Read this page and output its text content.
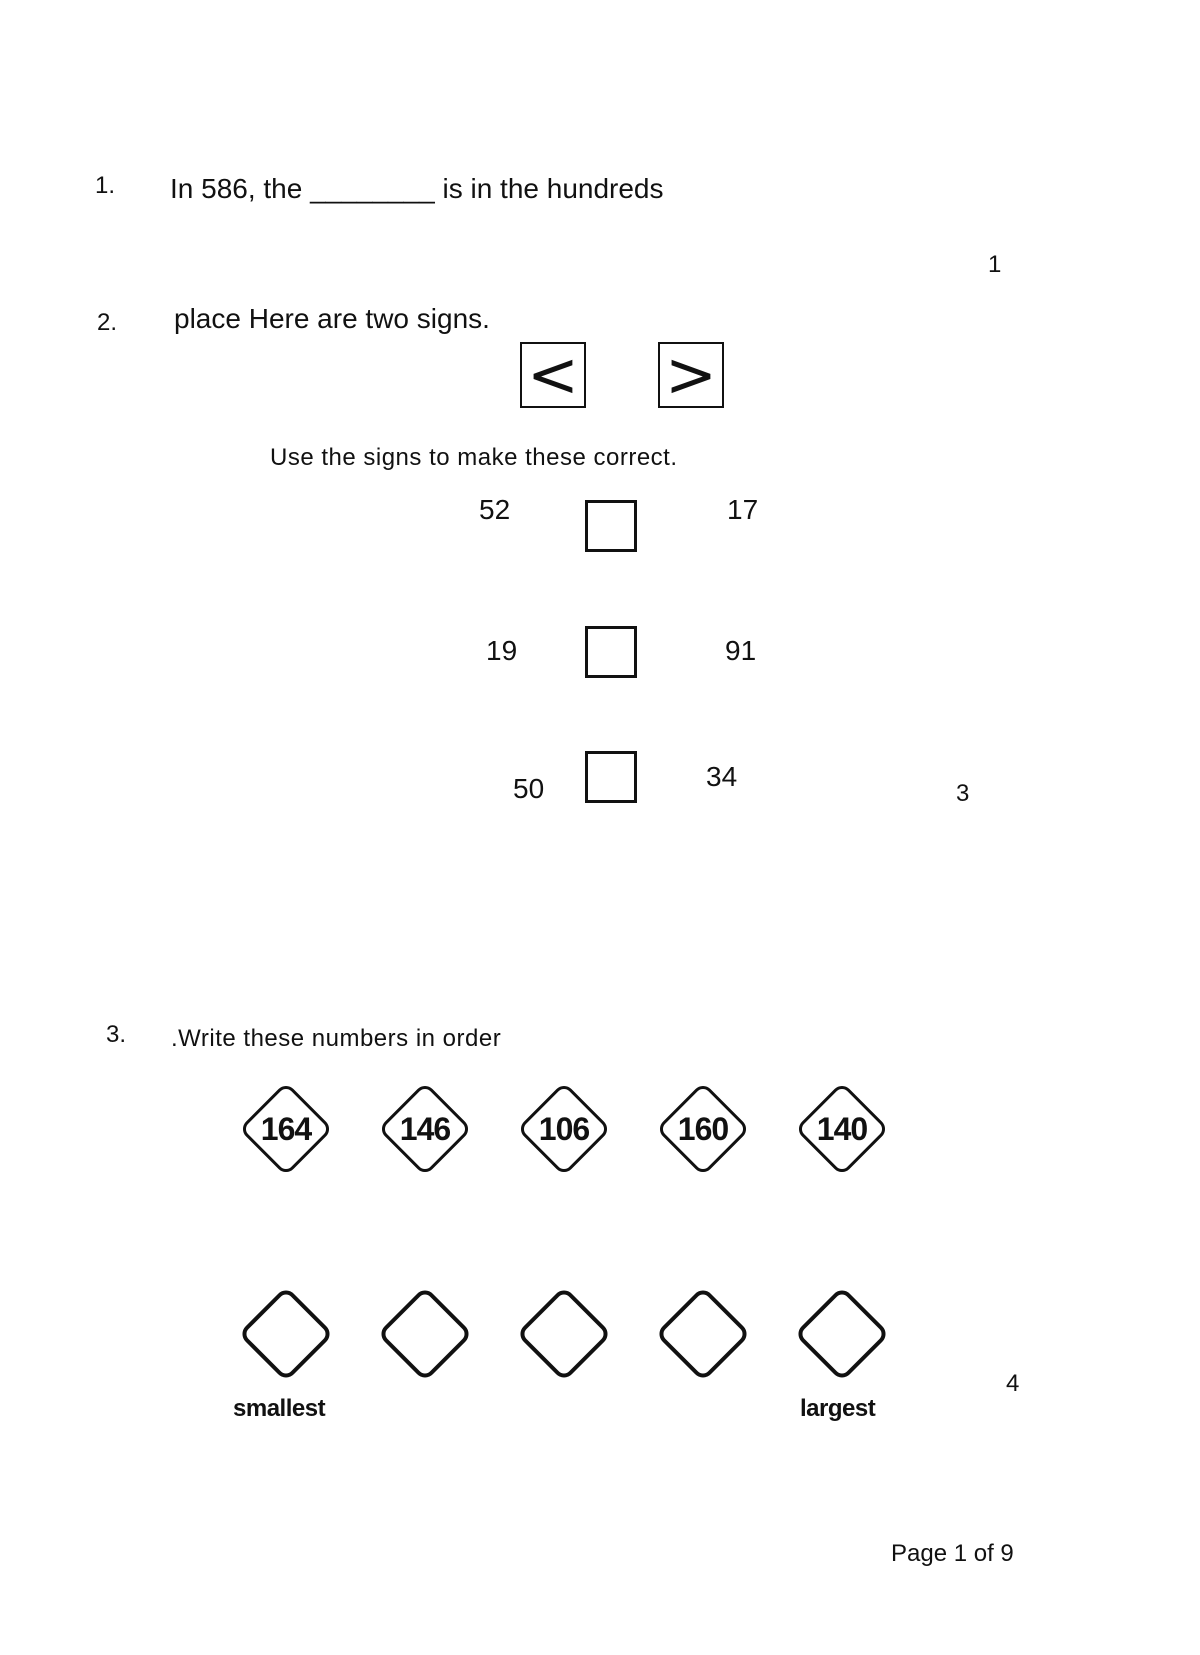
1. In 586, the ________ is in the hundreds
1
2. place Here are two signs.
< >
Use the signs to make these correct.
52	17
19	91
50	34
3
3. .Write these numbers in order
164	146	106	160	140
smallest	largest
4
Page 1 of 9
